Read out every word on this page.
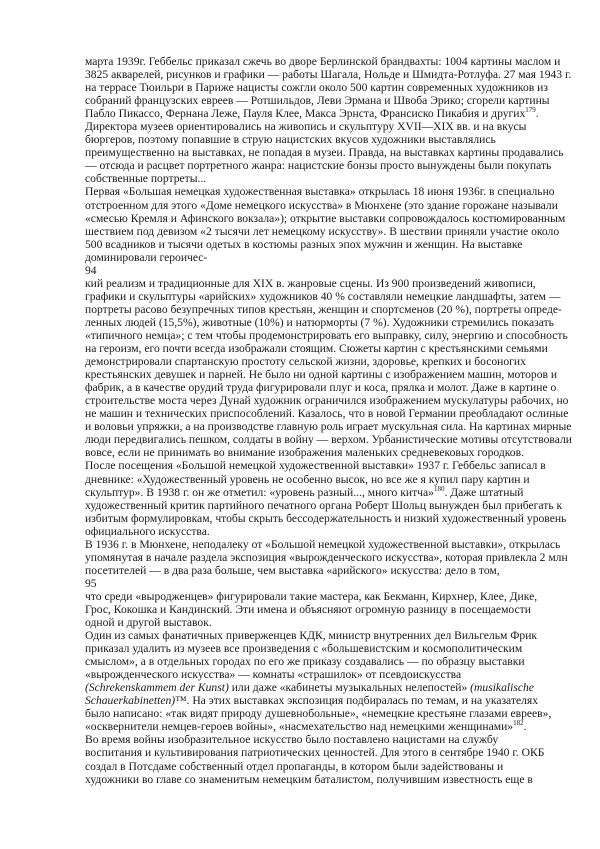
марта 1939г. Геббельс приказал сжечь во дворе Берлинской брандвахты: 1004 картины маслом и
3825 акварелей, рисунков и графики — работы Шагала, Нольде и Шмидта-Ротлуфа. 27 мая 1943 г.
на террасе Тюильри в Париже нацисты сожгли около 500 картин современных художников из
собраний французских евреев — Ротшильдов, Леви Эрмана и Швоба Эрико; сгорели картины
Пабло Пикассо, Фернана Леже, Пауля Клее, Макса Эрнста, Франсиско Пикабия и других$^{179}$.
Директора музеев ориентировались на живопись и скульптуру XVII—XIX вв. и на вкусы
бюргеров, поэтому попавшие в струю нацистских вкусов художники выставлялись
преимущественно на выставках, не попадая в музеи. Правда, на выставках картины продавались
— отсюда и расцвет портретного жанра: нацистские бонзы просто вынуждены были покупать
собственные портреты...
Первая «Большая немецкая художественная выставка» открылась 18 июня 1936г. в специально
отстроенном для этого «Доме немецкого искусства» в Мюнхене (это здание горожане называли
«смесью Кремля и Афинского вокзала»); открытие выставки сопровождалось костюмированным
шествием под девизом «2 тысячи лет немецкому искусству». В шествии приняли участие около
500 всадников и тысячи одетых в костюмы разных эпох мужчин и женщин. На выставке
доминировали героичес-
94
кий реализм и традиционные для XIX в. жанровые сцены. Из 900 произведений живописи,
графики и скульптуры «арийских» художников 40 % составляли немецкие ландшафты, затем —
портреты расово безупречных типов крестьян, женщин и спортсменов (20 %), портреты опреде-
ленных людей (15,5%), животные (10%) и натюрморты (7 %). Художники стремились показать
«типичного немца»; с тем чтобы продемонстрировать его выправку, силу, энергию и способность
на героизм, его почти всегда изображали стоящим. Сюжеты картин с крестьянскими семьями
демонстрировали спартанскую простоту сельской жизни, здоровье, крепких и босоногих
крестьянских девушек и парней. Не было ни одной картины с изображением машин, моторов и
фабрик, а в качестве орудий труда фигурировали плуг и коса, прялка и молот. Даже в картине о
строительстве моста через Дунай художник ограничился изображением мускулатуры рабочих, но
не машин и технических приспособлений. Казалось, что в новой Германии преобладают ослиные
и воловьи упряжки, а на производстве главную роль играет мускульная сила. На картинах мирные
люди передвигались пешком, солдаты в войну — верхом. Урбанистические мотивы отсутствовали
вовсе, если не принимать во внимание изображения маленьких средневековых городков.
После посещения «Большой немецкой художественной выставки» 1937 г. Геббельс записал в
дневнике: «Художественный уровень не особенно высок, но все же я купил пару картин и
скульптур». В 1938 г. он же отметил: «уровень разный..., много китча»$^{180}$. Даже штатный
художественный критик партийного печатного органа Роберт Шольц вынужден был прибегать к
избитым формулировкам, чтобы скрыть бессодержательность и низкий художественный уровень
официального искусства.
В 1936 г. в Мюнхене, неподалеку от «Большой немецкой художественной выставки», открылась
упомянутая в начале раздела экспозиция «вырожденческого искусства», которая привлекла 2 млн
посетителей — в два раза больше, чем выставка «арийского» искусства: дело в том,
95
что среди «выродженцев» фигурировали такие мастера, как Бекманн, Кирхнер, Клее, Дике,
Грос, Кокошка и Кандинский. Эти имена и объясняют огромную разницу в посещаемости
одной и другой выставок.
Один из самых фанатичных приверженцев КДК, министр внутренних дел Вильгельм Фрик
приказал удалить из музеев все произведения с «большевистским и космополитическим
смыслом», а в отдельных городах по его же приказу создавались — по образцу выставки
«вырожденческого искусства» — комнаты «страшилок» от псевдоискусства
(Schrekenskammem der Kunst) или даже «кабинеты музыкальных нелепостей» (musikalische
Schauerkabinetten)™. На этих выставках экспозиция подбиралась по темам, и на указателях
было написано: «так видят природу душевнобольные», «немецкие крестьяне глазами евреев»,
«осквернители немцев-героев войны», «насмехательство над немецкими женщинами»$^{182}$.
Во время войны изобразительное искусство было поставлено нацистами на службу
воспитания и культивирования патриотических ценностей. Для этого в сентябре 1940 г. ОКБ
создал в Потсдаме собственный отдел пропаганды, в котором были задействованы и
художники во главе со знаменитым немецким баталистом, получившим известность еще в
